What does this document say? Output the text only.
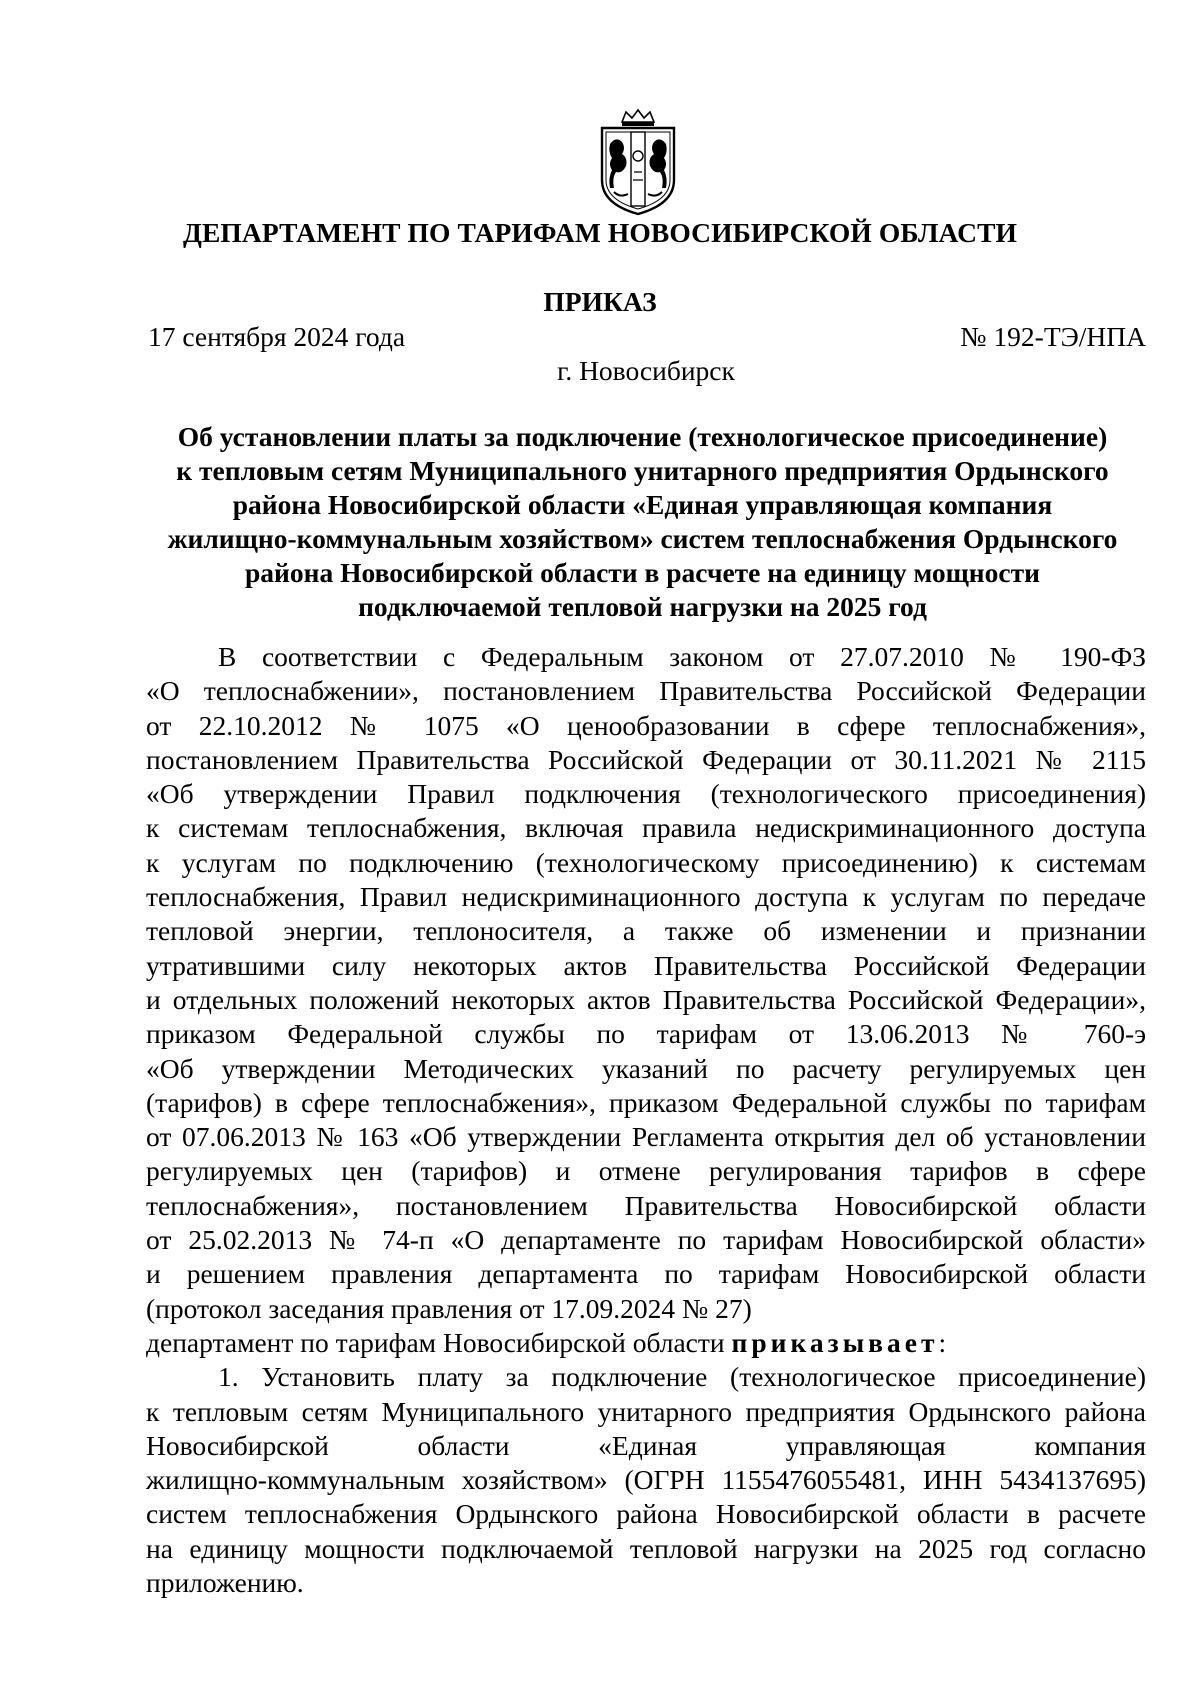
ДЕПАРТАМЕНТ ПО ТАРИФАМ НОВОСИБИРСКОЙ ОБЛАСТИ
ПРИКАЗ
17 сентября 2024 года	№ 192-ТЭ/НПА
г. Новосибирск
Об установлении платы за подключение (технологическое присоединение)
к тепловым сетям Муниципального унитарного предприятия Ордынского
района Новосибирской области «Единая управляющая компания
жилищно-коммунальным хозяйством» систем теплоснабжения Ордынского
района Новосибирской области в расчете на единицу мощности
подключаемой тепловой нагрузки на 2025 год
В соответствии с Федеральным законом от 27.07.2010 № 190-ФЗ
«О теплоснабжении», постановлением Правительства Российской Федерации
от 22.10.2012 № 1075 «О ценообразовании в сфере теплоснабжения»,
постановлением Правительства Российской Федерации от 30.11.2021 № 2115
«Об утверждении Правил подключения (технологического присоединения)
к системам теплоснабжения, включая правила недискриминационного доступа
к услугам по подключению (технологическому присоединению) к системам
теплоснабжения, Правил недискриминационного доступа к услугам по передаче
тепловой энергии, теплоносителя, а также об изменении и признании
утратившими силу некоторых актов Правительства Российской Федерации
и отдельных положений некоторых актов Правительства Российской Федерации»,
приказом Федеральной службы по тарифам от 13.06.2013 № 760-э
«Об утверждении Методических указаний по расчету регулируемых цен
(тарифов) в сфере теплоснабжения», приказом Федеральной службы по тарифам
от 07.06.2013 № 163 «Об утверждении Регламента открытия дел об установлении
регулируемых цен (тарифов) и отмене регулирования тарифов в сфере
теплоснабжения», постановлением Правительства Новосибирской области
от 25.02.2013 № 74-п «О департаменте по тарифам Новосибирской области»
и решением правления департамента по тарифам Новосибирской области
(протокол заседания правления от 17.09.2024 № 27)
департамент по тарифам Новосибирской области приказывает:
1. Установить плату за подключение (технологическое присоединение)
к тепловым сетям Муниципального унитарного предприятия Ордынского района
Новосибирской области «Единая управляющая компания
жилищно-коммунальным хозяйством» (ОГРН 1155476055481, ИНН 5434137695)
систем теплоснабжения Ордынского района Новосибирской области в расчете
на единицу мощности подключаемой тепловой нагрузки на 2025 год согласно
приложению.
